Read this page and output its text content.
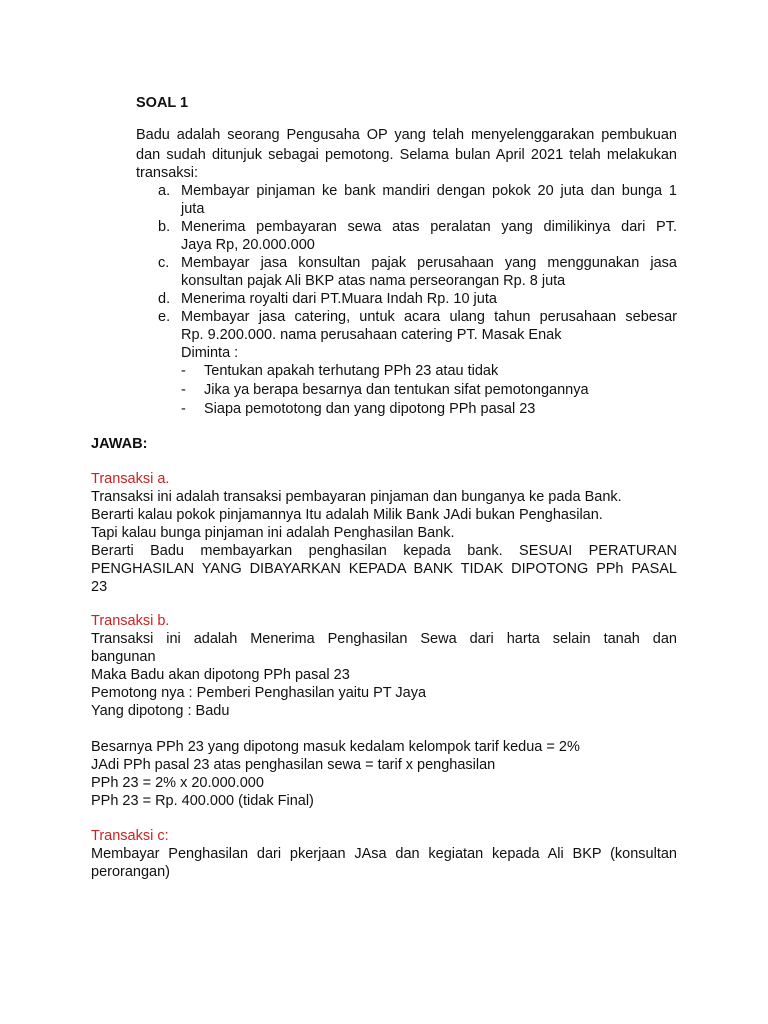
SOAL 1
Badu adalah seorang Pengusaha OP yang telah menyelenggarakan pembukuan
dan sudah ditunjuk sebagai pemotong. Selama bulan April 2021 telah melakukan
transaksi:
a. Membayar pinjaman ke bank mandiri dengan pokok 20 juta dan bunga 1
juta
b. Menerima pembayaran sewa atas peralatan yang dimilikinya dari PT.
Jaya Rp, 20.000.000
c. Membayar jasa konsultan pajak perusahaan yang menggunakan jasa
konsultan pajak Ali BKP atas nama perseorangan Rp. 8 juta
d. Menerima royalti dari PT.Muara Indah Rp. 10 juta
e. Membayar jasa catering, untuk acara ulang tahun perusahaan sebesar
Rp. 9.200.000. nama perusahaan catering PT. Masak Enak
Diminta :
- Tentukan apakah terhutang PPh 23 atau tidak
- Jika ya berapa besarnya dan tentukan sifat pemotongannya
- Siapa pemototong dan yang dipotong PPh pasal 23
JAWAB:
Transaksi a.
Transaksi ini adalah transaksi pembayaran pinjaman dan bunganya ke pada Bank.
Berarti kalau pokok pinjamannya Itu adalah Milik Bank JAdi bukan Penghasilan.
Tapi kalau bunga pinjaman ini adalah Penghasilan Bank.
Berarti Badu membayarkan penghasilan kepada bank. SESUAI PERATURAN
PENGHASILAN YANG DIBAYARKAN KEPADA BANK TIDAK DIPOTONG PPh PASAL
23
Transaksi b.
Transaksi ini adalah Menerima Penghasilan Sewa dari harta selain tanah dan
bangunan
Maka Badu akan dipotong PPh pasal 23
Pemotong nya : Pemberi Penghasilan yaitu PT Jaya
Yang dipotong : Badu
Besarnya PPh 23 yang dipotong masuk kedalam kelompok tarif kedua = 2%
JAdi PPh pasal 23 atas penghasilan sewa = tarif x penghasilan
PPh 23 = 2% x 20.000.000
PPh 23 = Rp. 400.000 (tidak Final)
Transaksi c:
Membayar Penghasilan dari pkerjaan JAsa dan kegiatan kepada Ali BKP (konsultan
perorangan)
